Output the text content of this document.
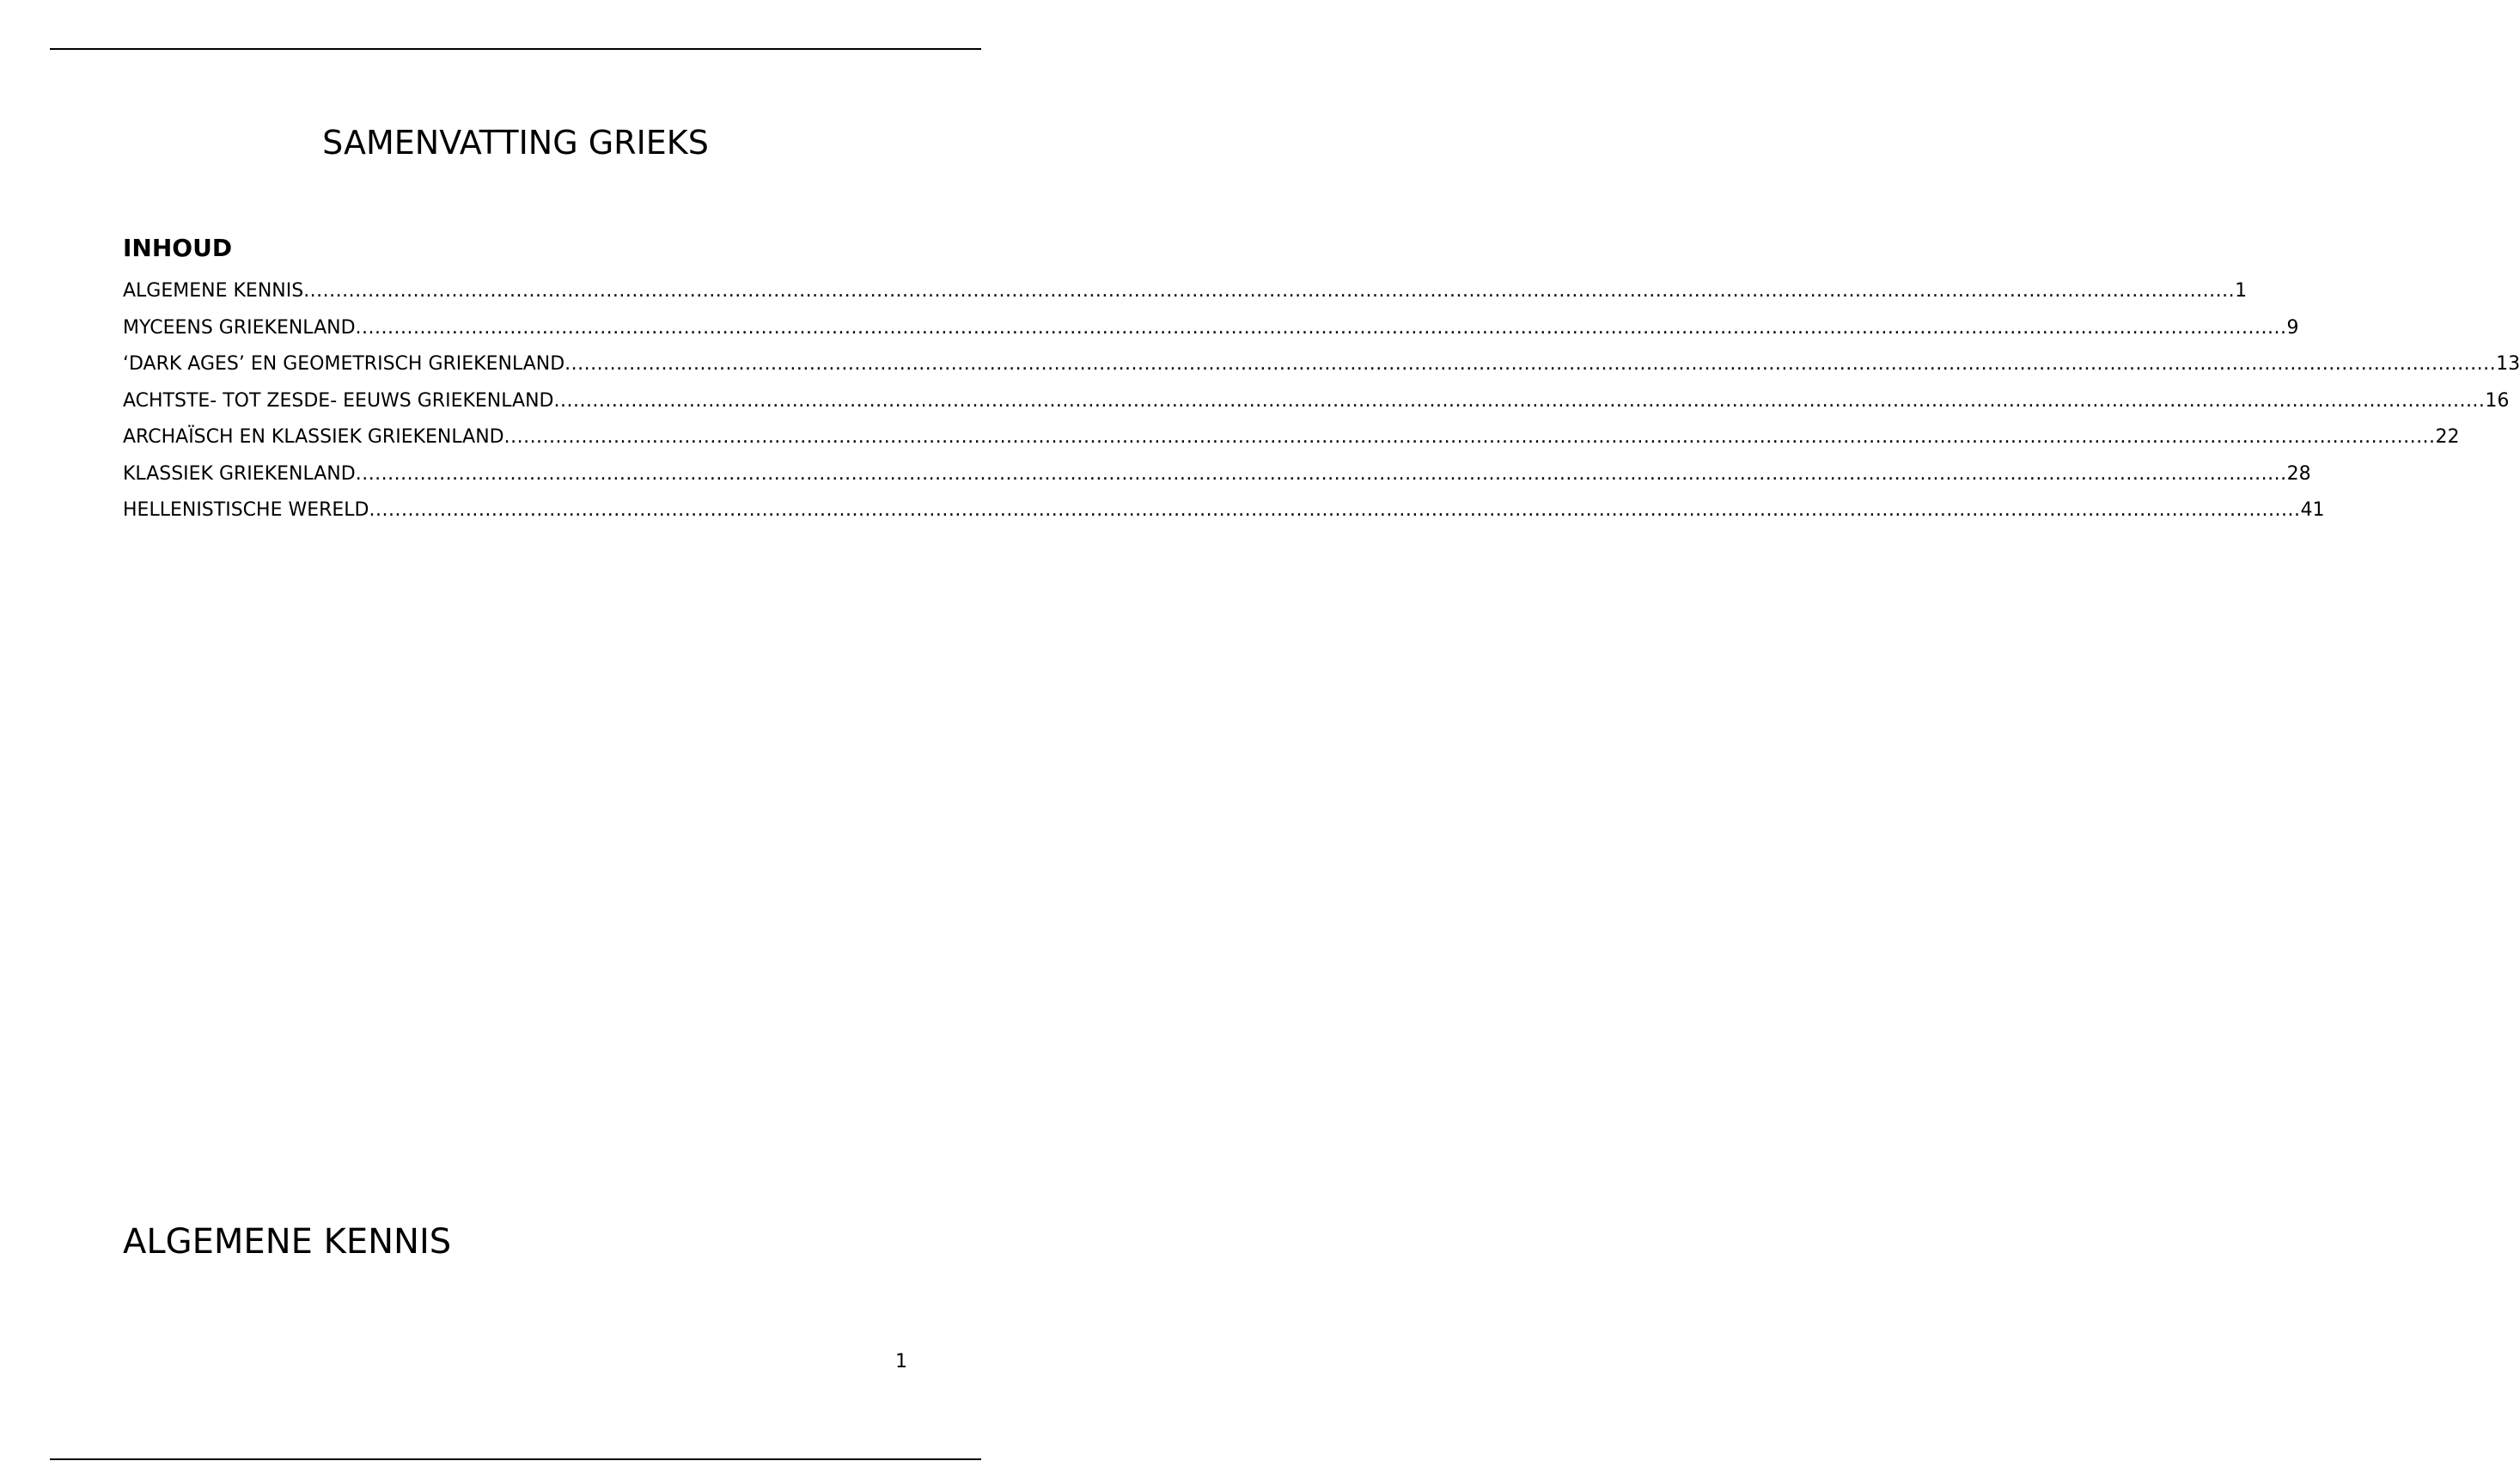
SAMENVATTING GRIEKS
INHOUD
ALGEMENE KENNIS ............................................................................................................................................................................................................................................................................................................ 1
MYCEENS GRIEKENLAND ............................................................................................................................................................................................................................................................................................................ 9
‘DARK AGES’ EN GEOMETRISCH GRIEKENLAND ............................................................................................................................................................................................................................................................................................................ 13
ACHTSTE- TOT ZESDE- EEUWS GRIEKENLAND ............................................................................................................................................................................................................................................................................................................ 16
ARCHAÏSCH EN KLASSIEK GRIEKENLAND ............................................................................................................................................................................................................................................................................................................ 22
KLASSIEK GRIEKENLAND ............................................................................................................................................................................................................................................................................................................ 28
HELLENISTISCHE WERELD ............................................................................................................................................................................................................................................................................................................ 41
ALGEMENE KENNIS
1
